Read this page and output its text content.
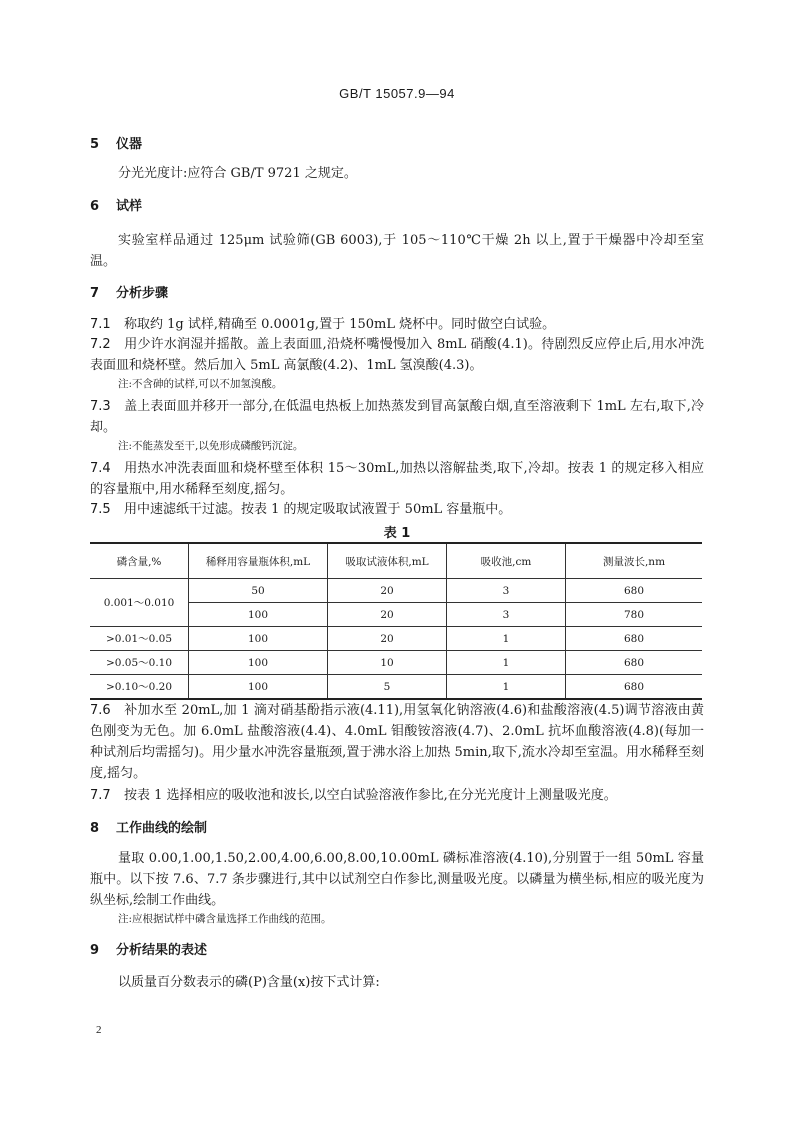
GB/T 15057.9—94
5 仪器

分光光度计:应符合 GB/T 9721 之规定。

6 试样

实验室样品通过 125μm 试验筛(GB 6003),于 105～110℃干燥 2h 以上,置于干燥器中冷却至室温。

7 分析步骤

7.1 称取约 1g 试样,精确至 0.0001g,置于 150mL 烧杯中。同时做空白试验。

7.2 用少许水润湿并摇散。盖上表面皿,沿烧杯嘴慢慢加入 8mL 硝酸(4.1)。待剧烈反应停止后,用水冲洗表面皿和烧杯壁。然后加入 5mL 高氯酸(4.2)、1mL 氢溴酸(4.3)。

注:不含砷的试样,可以不加氢溴酸。

7.3 盖上表面皿并移开一部分,在低温电热板上加热蒸发到冒高氯酸白烟,直至溶液剩下 1mL 左右,取下,冷却。

注:不能蒸发至干,以免形成磷酸钙沉淀。

7.4 用热水冲洗表面皿和烧杯壁至体积 15～30mL,加热以溶解盐类,取下,冷却。按表 1 的规定移入相应的容量瓶中,用水稀释至刻度,摇匀。

7.5 用中速滤纸干过滤。按表 1 的规定吸取试液置于 50mL 容量瓶中。

表 1
磷含量,%	稀释用容量瓶体积,mL	吸取试液体积,mL	吸收池,cm	测量波长,nm
0.001～0.010	50	20	3	680
	100	20	3	780
>0.01～0.05	100	20	1	680
>0.05～0.10	100	10	1	680
>0.10～0.20	100	5	1	680

7.6 补加水至 20mL,加 1 滴对硝基酚指示液(4.11),用氢氧化钠溶液(4.6)和盐酸溶液(4.5)调节溶液由黄色刚变为无色。加 6.0mL 盐酸溶液(4.4)、4.0mL 钼酸铵溶液(4.7)、2.0mL 抗坏血酸溶液(4.8)(每加一种试剂后均需摇匀)。用少量水冲洗容量瓶颈,置于沸水浴上加热 5min,取下,流水冷却至室温。用水稀释至刻度,摇匀。

7.7 按表 1 选择相应的吸收池和波长,以空白试验溶液作参比,在分光光度计上测量吸光度。

8 工作曲线的绘制

量取 0.00,1.00,1.50,2.00,4.00,6.00,8.00,10.00mL 磷标准溶液(4.10),分别置于一组 50mL 容量瓶中。以下按 7.6、7.7 条步骤进行,其中以试剂空白作参比,测量吸光度。以磷量为横坐标,相应的吸光度为纵坐标,绘制工作曲线。

注:应根据试样中磷含量选择工作曲线的范围。

9 分析结果的表述

以质量百分数表示的磷(P)含量(x)按下式计算:

2
